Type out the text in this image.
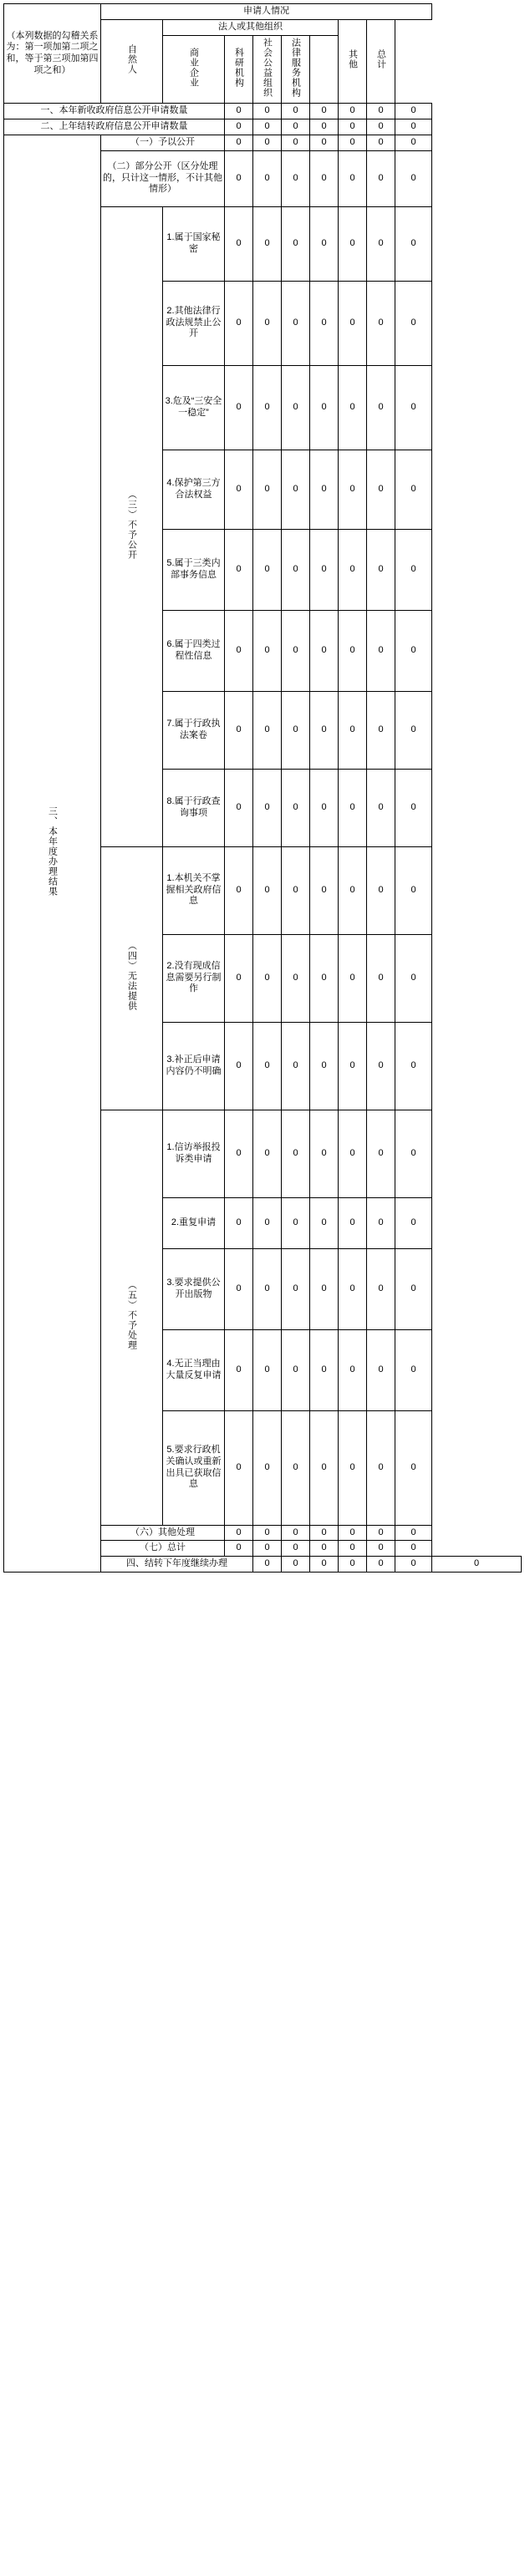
（本列数据的勾稽关系为：第一项加第二项之和，等于第三项加第四项之和）	申请人情况									
	自然人	法人或其他组织					其他	总计		
		商业企业	科研机构	社会公益组织	法律服务机构					
一、本年新收政府信息公开申请数量			0	0	0	0	0	0	0	
二、上年结转政府信息公开申请数量			0	0	0	0	0	0	0	
三、本年度办理结果	（一）予以公开		0	0	0	0	0	0	0	
	（二）部分公开（区分处理的，只计这一情形，不计其他情形）		0	0	0	0	0	0	0	
	（三）不予公开	1.属于国家秘密	0	0	0	0	0	0	0	
		2.其他法律行政法规禁止公开	0	0	0	0	0	0	0	
		3.危及“三安全一稳定”	0	0	0	0	0	0	0	
		4.保护第三方合法权益	0	0	0	0	0	0	0	
		5.属于三类内部事务信息	0	0	0	0	0	0	0	
		6.属于四类过程性信息	0	0	0	0	0	0	0	
		7.属于行政执法案卷	0	0	0	0	0	0	0	
		8.属于行政查询事项	0	0	0	0	0	0	0	
	（四）无法提供	1.本机关不掌握相关政府信息	0	0	0	0	0	0	0	
		2.没有现成信息需要另行制作	0	0	0	0	0	0	0	
		3.补正后申请内容仍不明确	0	0	0	0	0	0	0	
	（五）不予处理	1.信访举报投诉类申请	0	0	0	0	0	0	0	
		2.重复申请	0	0	0	0	0	0	0	
		3.要求提供公开出版物	0	0	0	0	0	0	0	
		4.无正当理由大量反复申请	0	0	0	0	0	0	0	
		5.要求行政机关确认或重新出具已获取信息	0	0	0	0	0	0	0	
	（六）其他处理		0	0	0	0	0	0	0	
	（七）总计		0	0	0	0	0	0	0	
	四、结转下年度继续办理			0	0	0	0	0	0	0
